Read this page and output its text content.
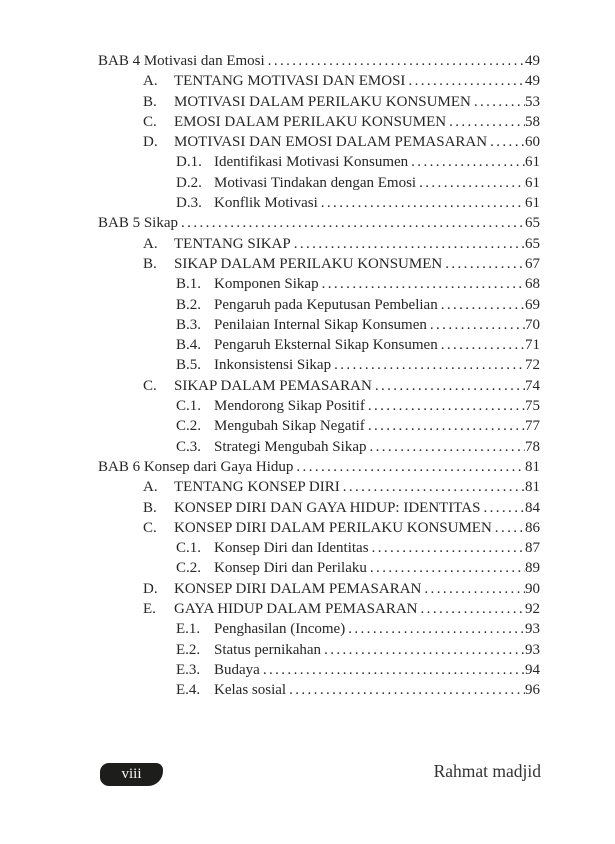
BAB 4 Motivasi dan Emosi .....	49
A.	TENTANG MOTIVASI DAN EMOSI .....	49
B.	MOTIVASI DALAM PERILAKU KONSUMEN .....	53
C.	EMOSI DALAM PERILAKU KONSUMEN .....	58
D.	MOTIVASI DAN EMOSI DALAM PEMASARAN .....	60
D.1. Identifikasi Motivasi Konsumen .....	61
D.2. Motivasi Tindakan dengan Emosi .....	61
D.3. Konflik Motivasi .....	61
BAB 5 Sikap .....	65
A.	TENTANG SIKAP .....	65
B.	SIKAP DALAM PERILAKU KONSUMEN .....	67
B.1. Komponen Sikap .....	68
B.2. Pengaruh pada Keputusan Pembelian .....	69
B.3. Penilaian Internal Sikap Konsumen .....	70
B.4. Pengaruh Eksternal Sikap Konsumen .....	71
B.5. Inkonsistensi Sikap .....	72
C.	SIKAP DALAM PEMASARAN .....	74
C.1. Mendorong Sikap Positif .....	75
C.2. Mengubah Sikap Negatif .....	77
C.3. Strategi Mengubah Sikap .....	78
BAB 6 Konsep dari Gaya Hidup .....	81
A.	TENTANG KONSEP DIRI .....	81
B.	KONSEP DIRI DAN GAYA HIDUP: IDENTITAS .....	84
C.	KONSEP DIRI DALAM PERILAKU KONSUMEN ..... 86
C.1. Konsep Diri dan Identitas .....	87
C.2. Konsep Diri dan Perilaku .....	89
D.	KONSEP DIRI DALAM PEMASARAN .....	90
E.	GAYA HIDUP DALAM PEMASARAN .....	92
E.1. Penghasilan (Income) .....	93
E.2. Status pernikahan .....	93
E.3. Budaya .....	94
E.4. Kelas sosial .....	96
viii	Rahmat madjid
